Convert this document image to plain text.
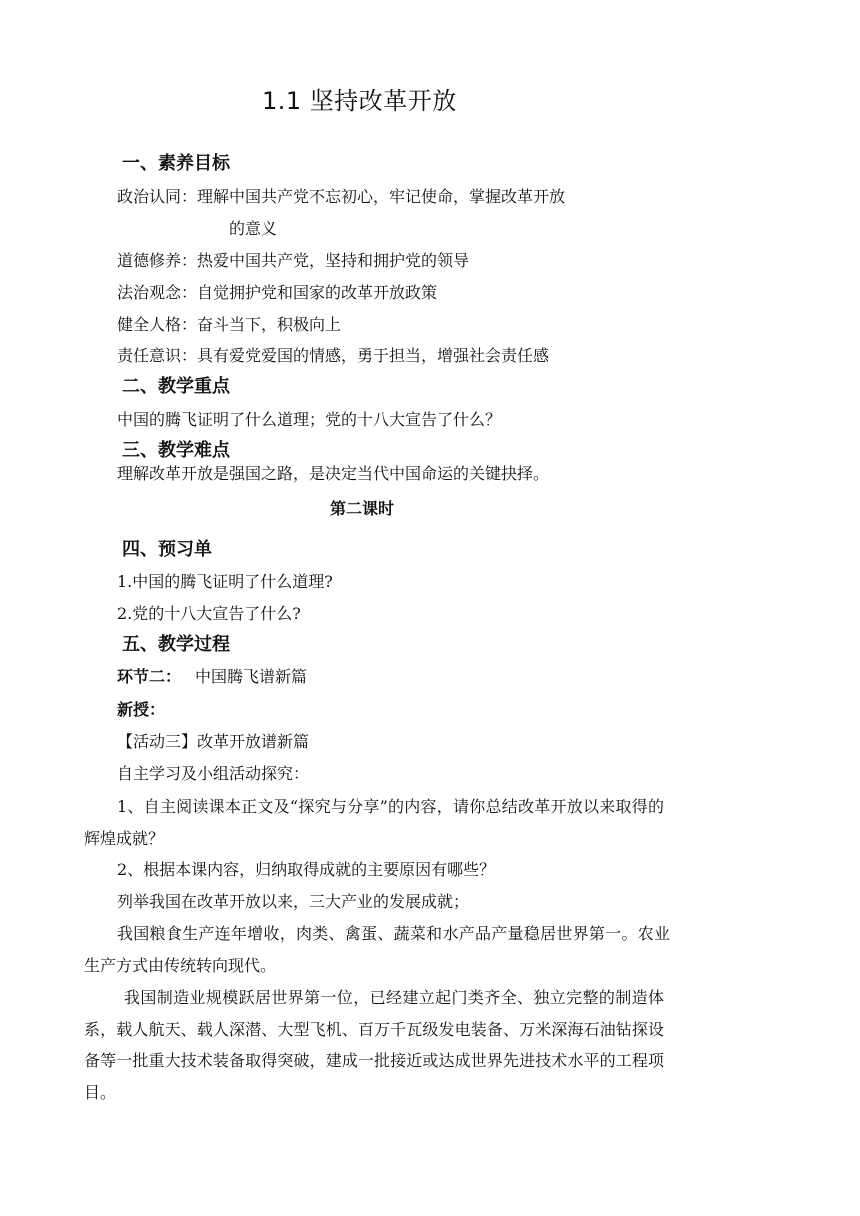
1.1 坚持改革开放
一、素养目标
政治认同：理解中国共产党不忘初心，牢记使命，掌握改革开放
的意义
道德修养：热爱中国共产党，坚持和拥护党的领导
法治观念：自觉拥护党和国家的改革开放政策
健全人格：奋斗当下，积极向上
责任意识：具有爱党爱国的情感，勇于担当，增强社会责任感
二、教学重点
中国的腾飞证明了什么道理；党的十八大宣告了什么？
三、教学难点
理解改革开放是强国之路，是决定当代中国命运的关键抉择。
第二课时
四、预习单
1.中国的腾飞证明了什么道理?
2.党的十八大宣告了什么?
五、教学过程
环节二： 中国腾飞谱新篇
新授：
【活动三】改革开放谱新篇
自主学习及小组活动探究：
1、自主阅读课本正文及“探究与分享”的内容，请你总结改革开放以来取得的辉煌成就？
2、根据本课内容，归纳取得成就的主要原因有哪些？
列举我国在改革开放以来，三大产业的发展成就；
我国粮食生产连年增收，肉类、禽蛋、蔬菜和水产品产量稳居世界第一。农业生产方式由传统转向现代。
我国制造业规模跃居世界第一位，已经建立起门类齐全、独立完整的制造体系，载人航天、载人深潜、大型飞机、百万千瓦级发电装备、万米深海石油钻探设备等一批重大技术装备取得突破，建成一批接近或达成世界先进技术水平的工程项目。
